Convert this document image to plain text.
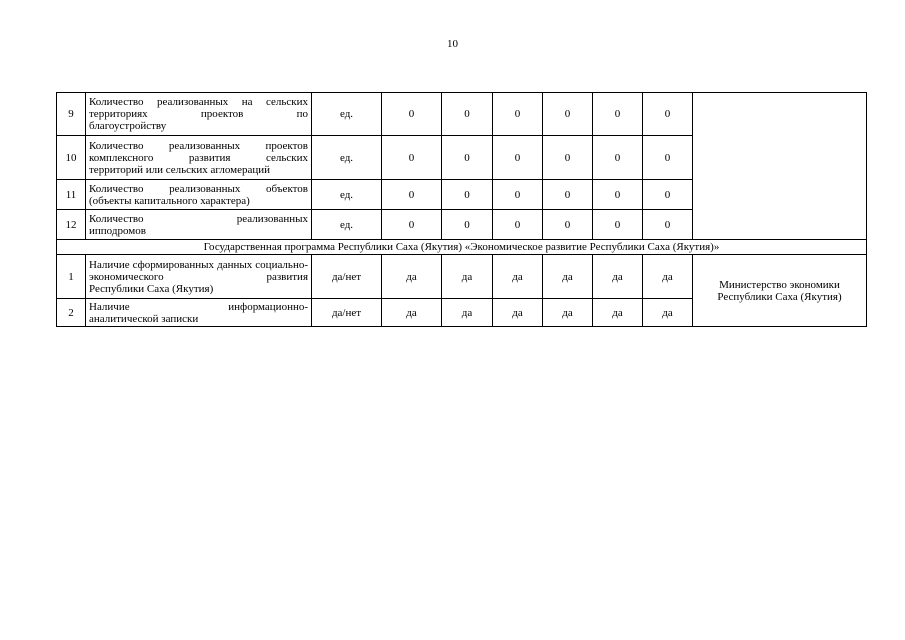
10
9	Количество реализованных на сельских территориях проектов по
благоустройству	ед.	0	0	0	0	0	0	
10	Количество реализованных проектов комплексного развития сельских
территорий или сельских агломераций	ед.	0	0	0	0	0	0	
11	Количество реализованных объектов
(объекты капитального характера)	ед.	0	0	0	0	0	0	
12	Количество реализованных
ипподромов	ед.	0	0	0	0	0	0	
Государственная программа Республики Саха (Якутия) «Экономическое развитие Республики Саха (Якутия)»									
1	Наличие сформированных данных социально-экономического развития
Республики Саха (Якутия)	да/нет	да	да	да	да	да	да	Министерство экономики Республики Саха (Якутия)
2	Наличие информационно-
аналитической записки	да/нет	да	да	да	да	да	да	
